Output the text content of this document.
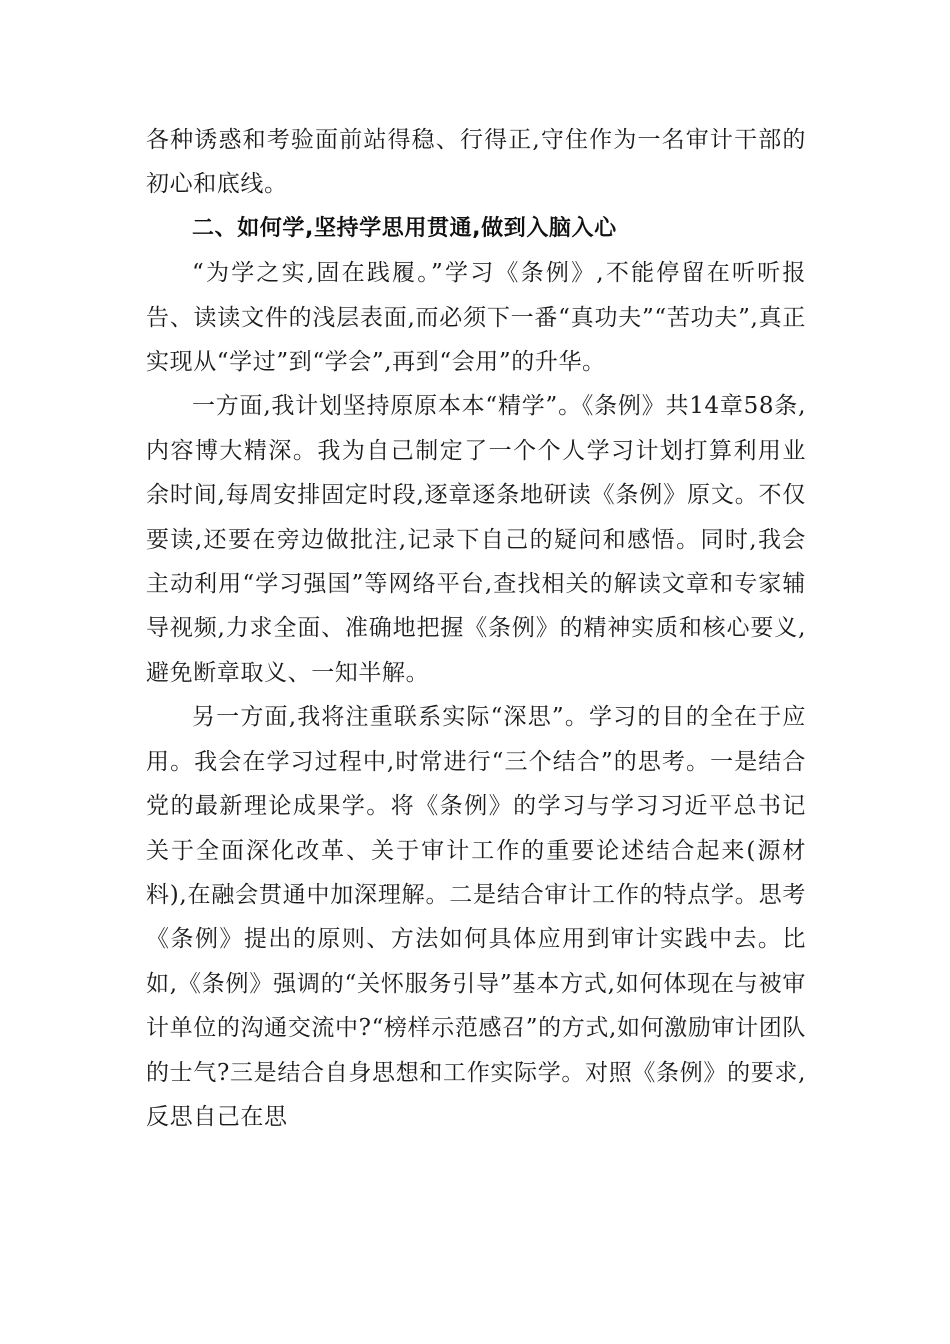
各种诱惑和考验面前站得稳、行得正,守住作为一名审计干部的初心和底线。

二、如何学,坚持学思用贯通,做到入脑入心

“为学之实,固在践履。”学习《条例》,不能停留在听听报告、读读文件的浅层表面,而必须下一番“真功夫”“苦功夫”,真正实现从“学过”到“学会”,再到“会用”的升华。

一方面,我计划坚持原原本本“精学”。《条例》共14章58条,内容博大精深。我为自己制定了一个个人学习计划打算利用业余时间,每周安排固定时段,逐章逐条地研读《条例》原文。不仅要读,还要在旁边做批注,记录下自己的疑问和感悟。同时,我会主动利用“学习强国”等网络平台,查找相关的解读文章和专家辅导视频,力求全面、准确地把握《条例》的精神实质和核心要义,避免断章取义、一知半解。

另一方面,我将注重联系实际“深思”。学习的目的全在于应用。我会在学习过程中,时常进行“三个结合”的思考。一是结合党的最新理论成果学。将《条例》的学习与学习习近平总书记关于全面深化改革、关于审计工作的重要论述结合起来(源材料),在融会贯通中加深理解。二是结合审计工作的特点学。思考《条例》提出的原则、方法如何具体应用到审计实践中去。比如,《条例》强调的“关怀服务引导”基本方式,如何体现在与被审计单位的沟通交流中?“榜样示范感召”的方式,如何激励审计团队的士气?三是结合自身思想和工作实际学。对照《条例》的要求,反思自己在思
